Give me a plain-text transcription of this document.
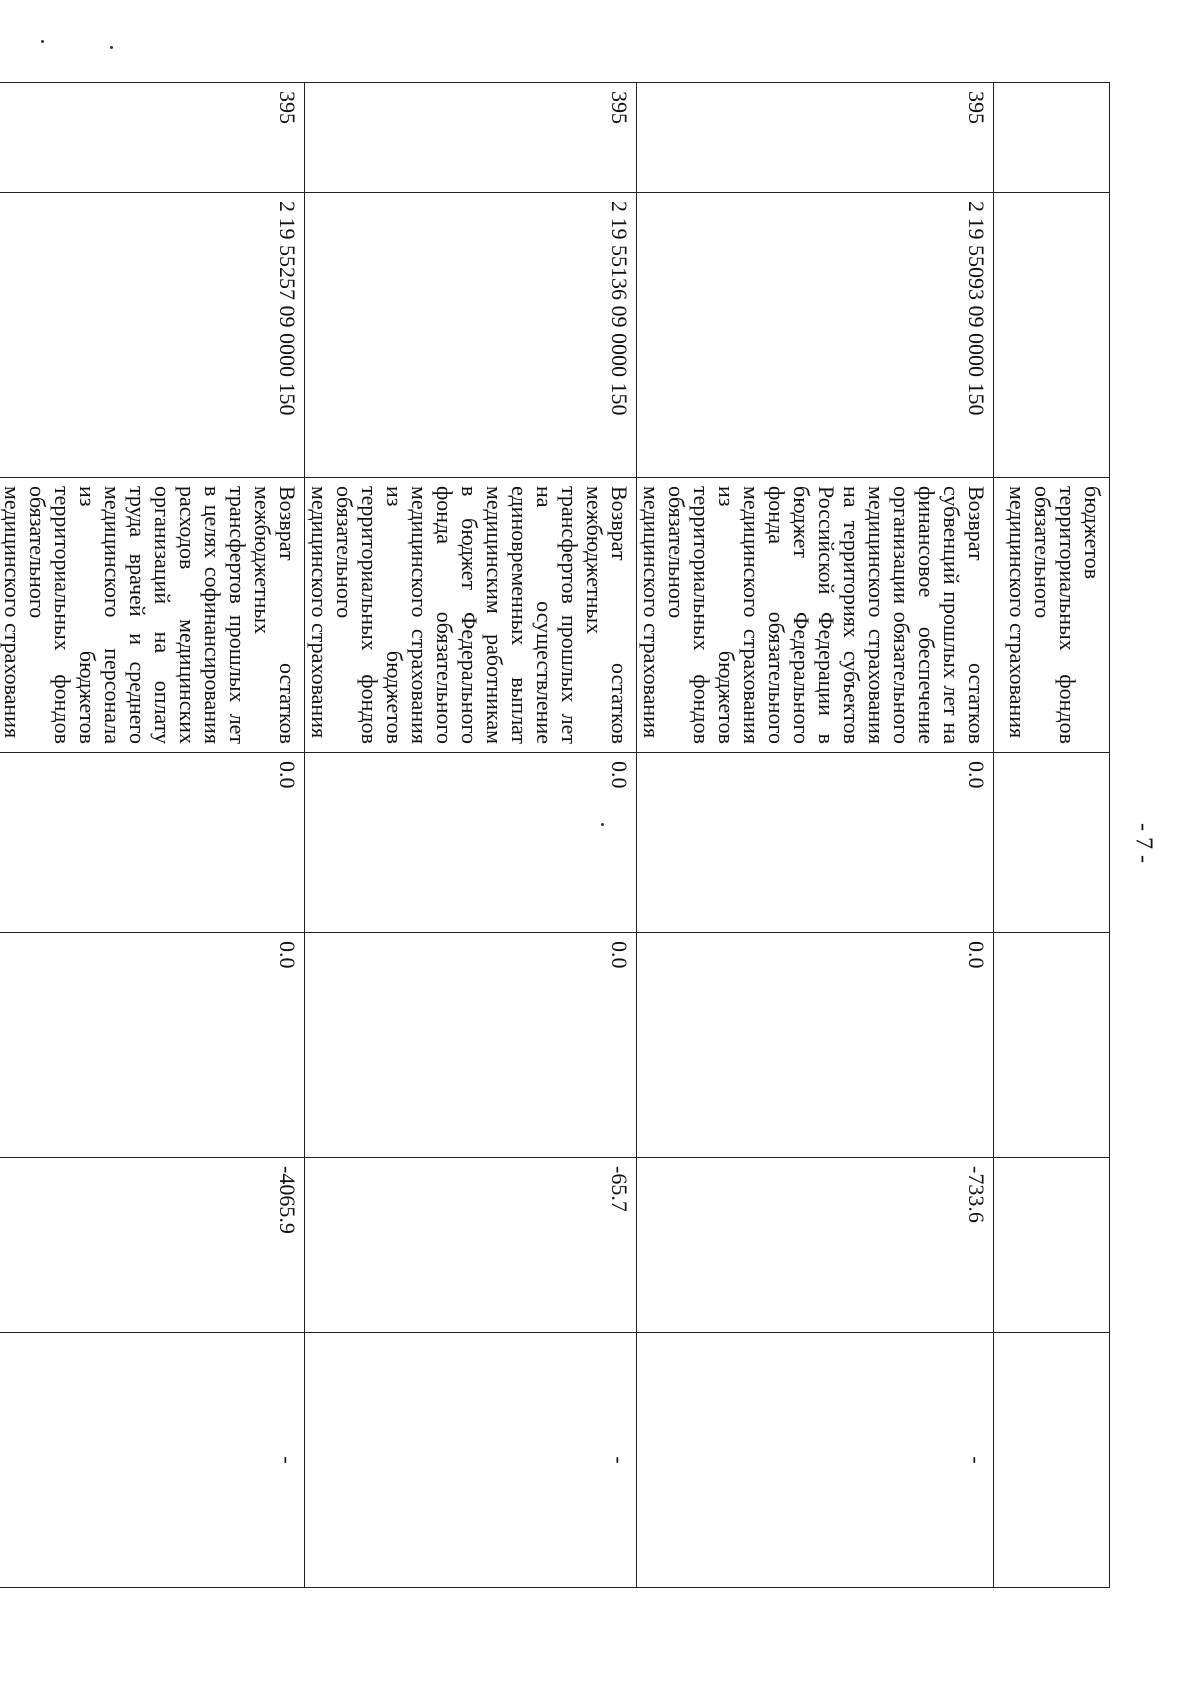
- 7 -
		бюджетов территориальных фондов обязательного медицинского страхования				
395	2 19 55093 09 0000 150	Возврат остатков субвенций прошлых лет на финансовое обеспечение организации обязательного медицинского страхования на территориях субъектов Российской Федерации в бюджет Федерального фонда обязательного медицинского страхования из бюджетов территориальных фондов обязательного медицинского страхования	0.0	0.0	-733.6	-
395	2 19 55136 09 0000 150	Возврат остатков межбюджетных трансфертов прошлых лет на осуществление единовременных выплат медицинским работникам в бюджет Федерального фонда обязательного медицинского страхования из бюджетов территориальных фондов обязательного медицинского страхования	0.0	0.0	-65.7	-
395	2 19 55257 09 0000 150	Возврат остатков межбюджетных трансфертов прошлых лет в целях софинансирования расходов медицинских организаций на оплату труда врачей и среднего медицинского персонала из бюджетов территориальных фондов обязательного медицинского страхования	0.0	0.0	-4065.9	-
